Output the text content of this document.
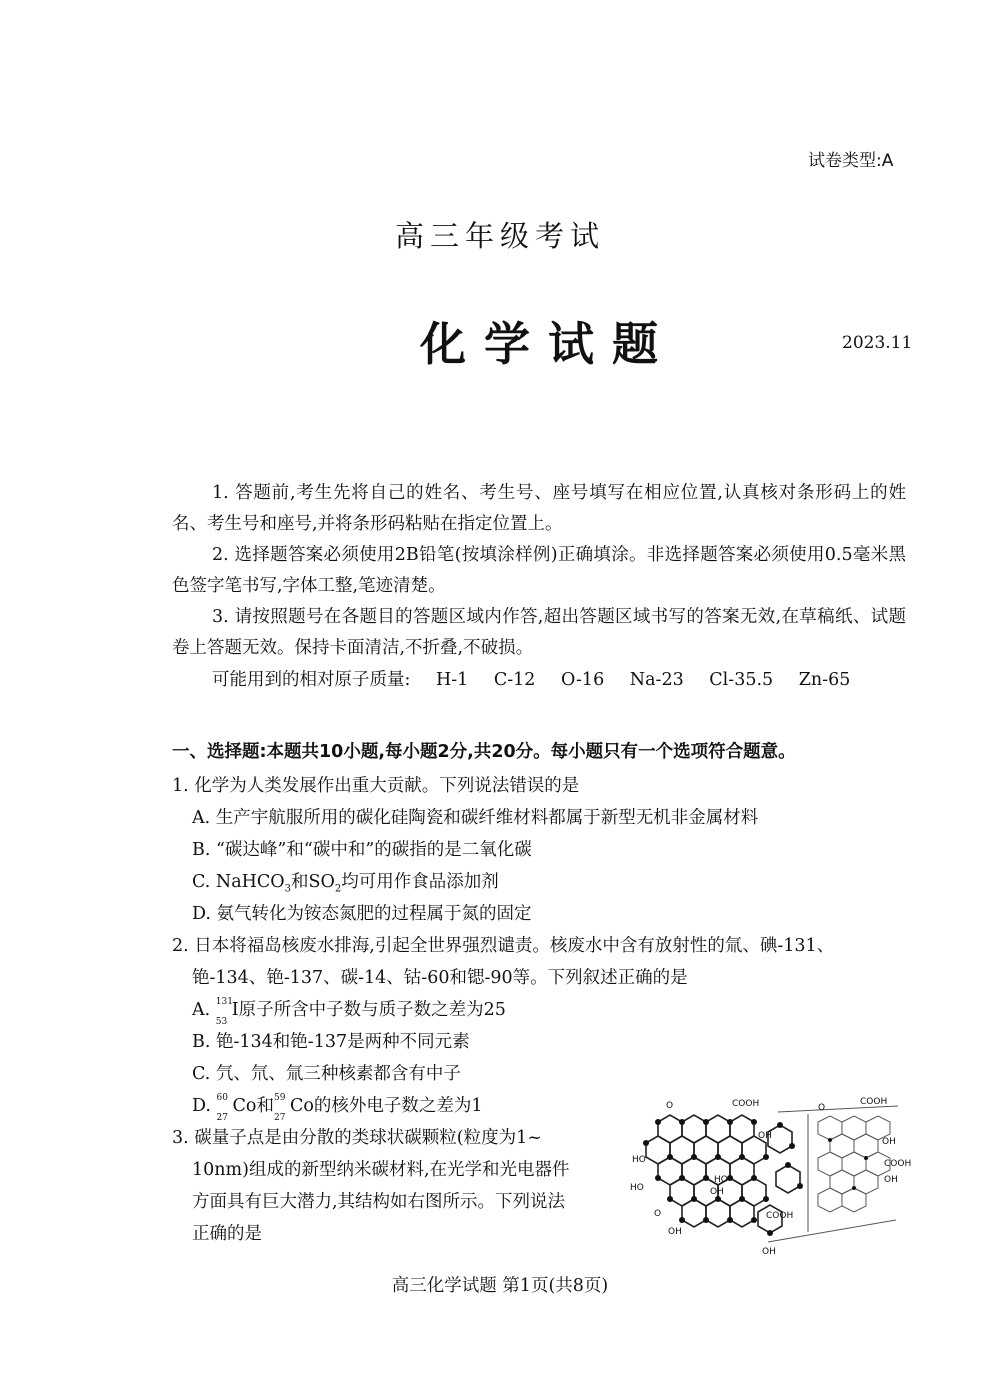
试卷类型:A
高三年级考试
化学试题	2023.11
1. 答题前,考生先将自己的姓名、考生号、座号填写在相应位置,认真核对条形码上的姓名、考生号和座号,并将条形码粘贴在指定位置上。
2. 选择题答案必须使用2B铅笔(按填涂样例)正确填涂。非选择题答案必须使用0.5毫米黑色签字笔书写,字体工整,笔迹清楚。
3. 请按照题号在各题目的答题区域内作答,超出答题区域书写的答案无效,在草稿纸、试题卷上答题无效。保持卡面清洁,不折叠,不破损。
可能用到的相对原子质量: H-1 C-12 O-16 Na-23 Cl-35.5 Zn-65
一、选择题:本题共10小题,每小题2分,共20分。每小题只有一个选项符合题意。
1. 化学为人类发展作出重大贡献。下列说法错误的是
A. 生产宇航服所用的碳化硅陶瓷和碳纤维材料都属于新型无机非金属材料
B. “碳达峰”和“碳中和”的碳指的是二氧化碳
C. NaHCO$_3$和$SO_2$均可用作食品添加剂
D. 氨气转化为铵态氮肥的过程属于氮的固定
2. 日本将福岛核废水排海,引起全世界强烈谴责。核废水中含有放射性的氚、碘-131、
铯-134、铯-137、碳-14、钴-60和锶-90等。下列叙述正确的是
A. 131
53
I原子所含中子数与质子数之差为25
B. 铯-134和铯-137是两种不同元素
C. 氕、氘、氚三种核素都含有中子
D. 60
27
Co和 59
27
Co的核外电子数之差为1
3. 碳量子点是由分散的类球状碳颗粒(粒度为1~
10nm)组成的新型纳米碳材料,在光学和光电器件
方面具有巨大潜力,其结构如右图所示。下列说法
正确的是
O	COOH
OH
O
COOH
OH
HO
HO
O
OH
COOH
HO	OH
OH
COOH
OH
高三化学试题 第1页(共8页)
